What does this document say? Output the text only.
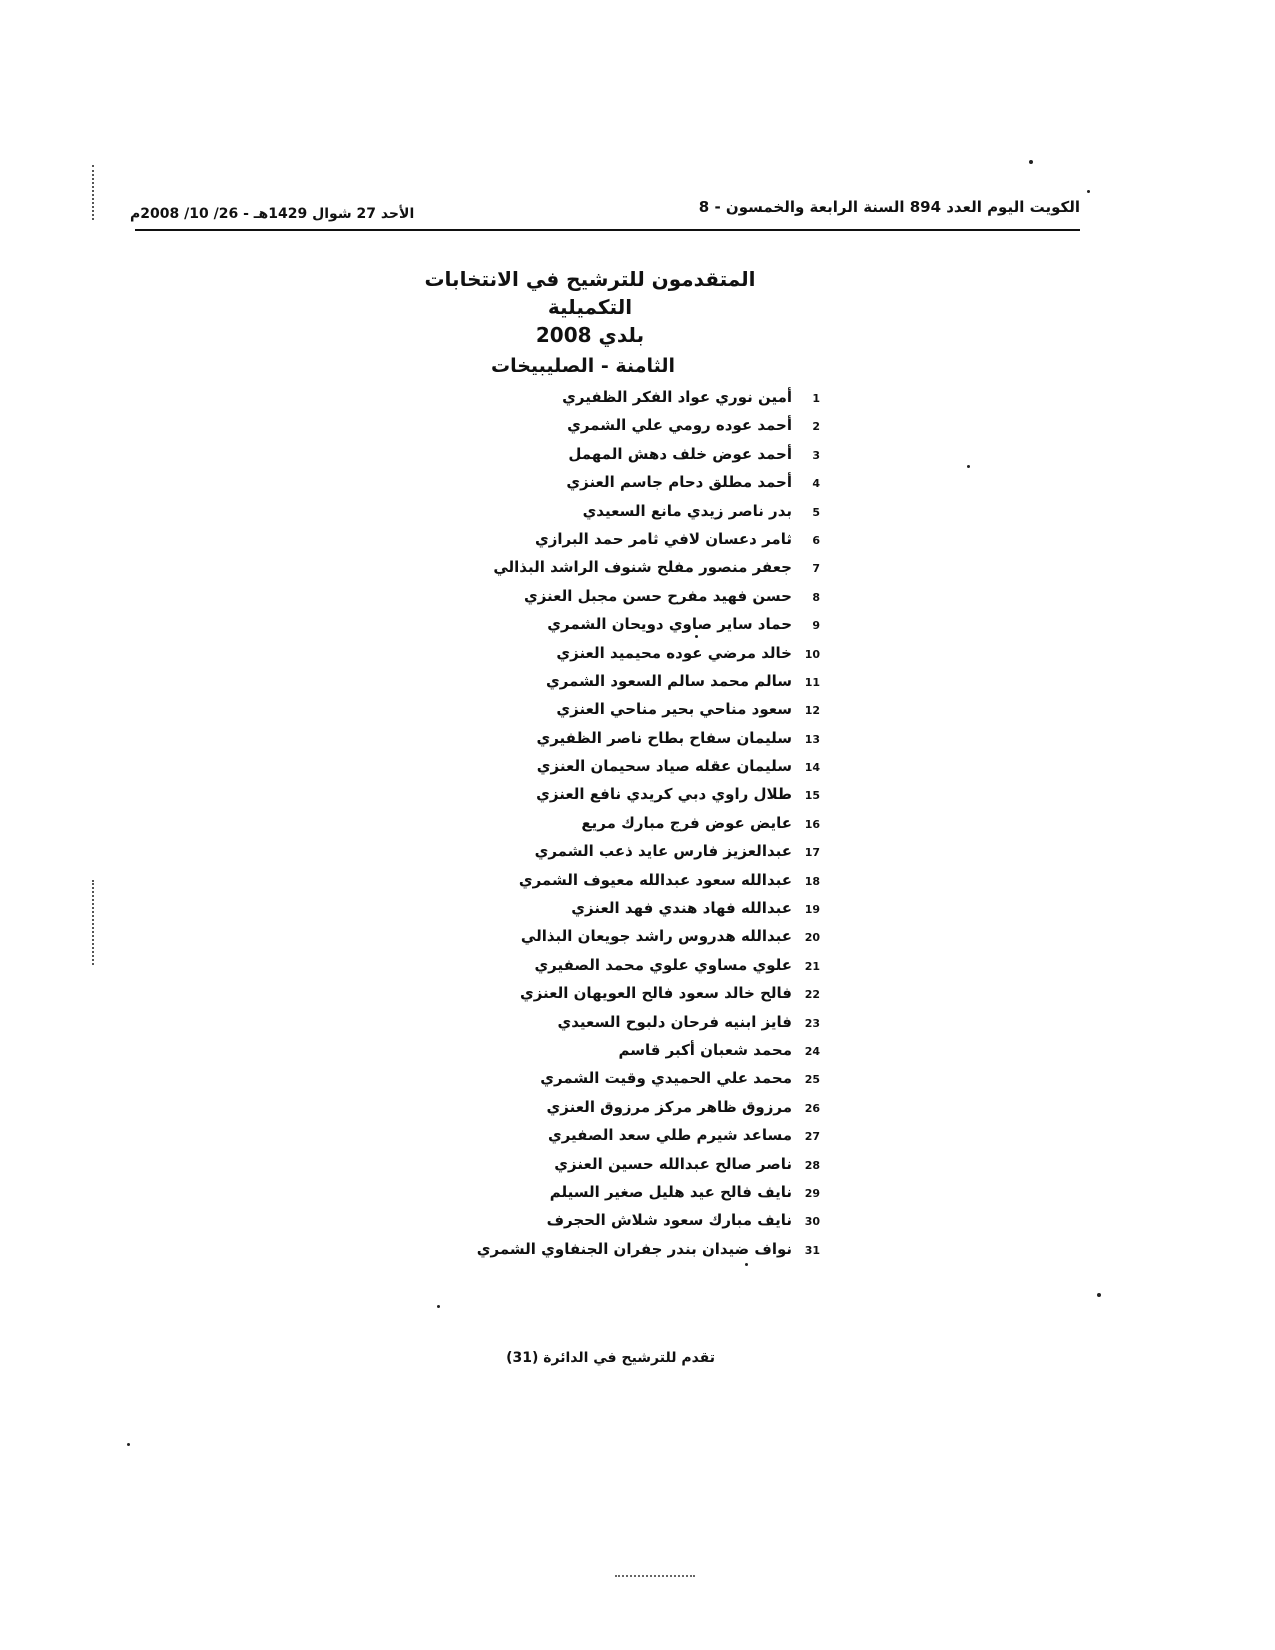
الكويت اليوم العدد 894 السنة الرابعة والخمسون - 8
الأحد 27 شوال 1429هـ - 26/ 10/ 2008م
المتقدمون للترشيح في الانتخابات التكميلية
بلدي 2008
الثامنة - الصليبيخات
1أمين نوري عواد الفكر الظفيري
2أحمد عوده رومي علي الشمري
3أحمد عوض خلف دهش المهمل
4أحمد مطلق دحام جاسم العنزي
5بدر ناصر زيدي مانع السعيدي
6ثامر دعسان لافي ثامر حمد البرازي
7جعفر منصور مفلح شنوف الراشد البذالي
8حسن فهيد مفرح حسن مجبل العنزي
9حماد ساير صاوي دويحان الشمري
10خالد مرضي عوده محيميد العنزي
11سالم محمد سالم السعود الشمري
12سعود مناحي بحير مناحي العنزي
13سليمان سفاح بطاح ناصر الظفيري
14سليمان عقله صياد سحيمان العنزي
15طلال راوي دبي كريدي نافع العنزي
16عايض عوض فرج مبارك مريع
17عبدالعزيز فارس عايد ذعب الشمري
18عبدالله سعود عبدالله معيوف الشمري
19عبدالله فهاد هندي فهد العنزي
20عبدالله هدروس راشد جويعان البذالي
21علوي مساوي علوي محمد الصفيري
22فالح خالد سعود فالح العويهان العنزي
23فايز ابنيه فرحان دلبوح السعيدي
24محمد شعبان أكبر قاسم
25محمد علي الحميدي وقيت الشمري
26مرزوق ظاهر مركز مرزوق العنزي
27مساعد شيرم طلي سعد الصفيري
28ناصر صالح عبدالله حسين العنزي
29نايف فالح عيد هليل صغير السيلم
30نايف مبارك سعود شلاش الحجرف
31نواف ضيدان بندر جفران الجنفاوي الشمري
تقدم للترشيح في الدائرة (31)
